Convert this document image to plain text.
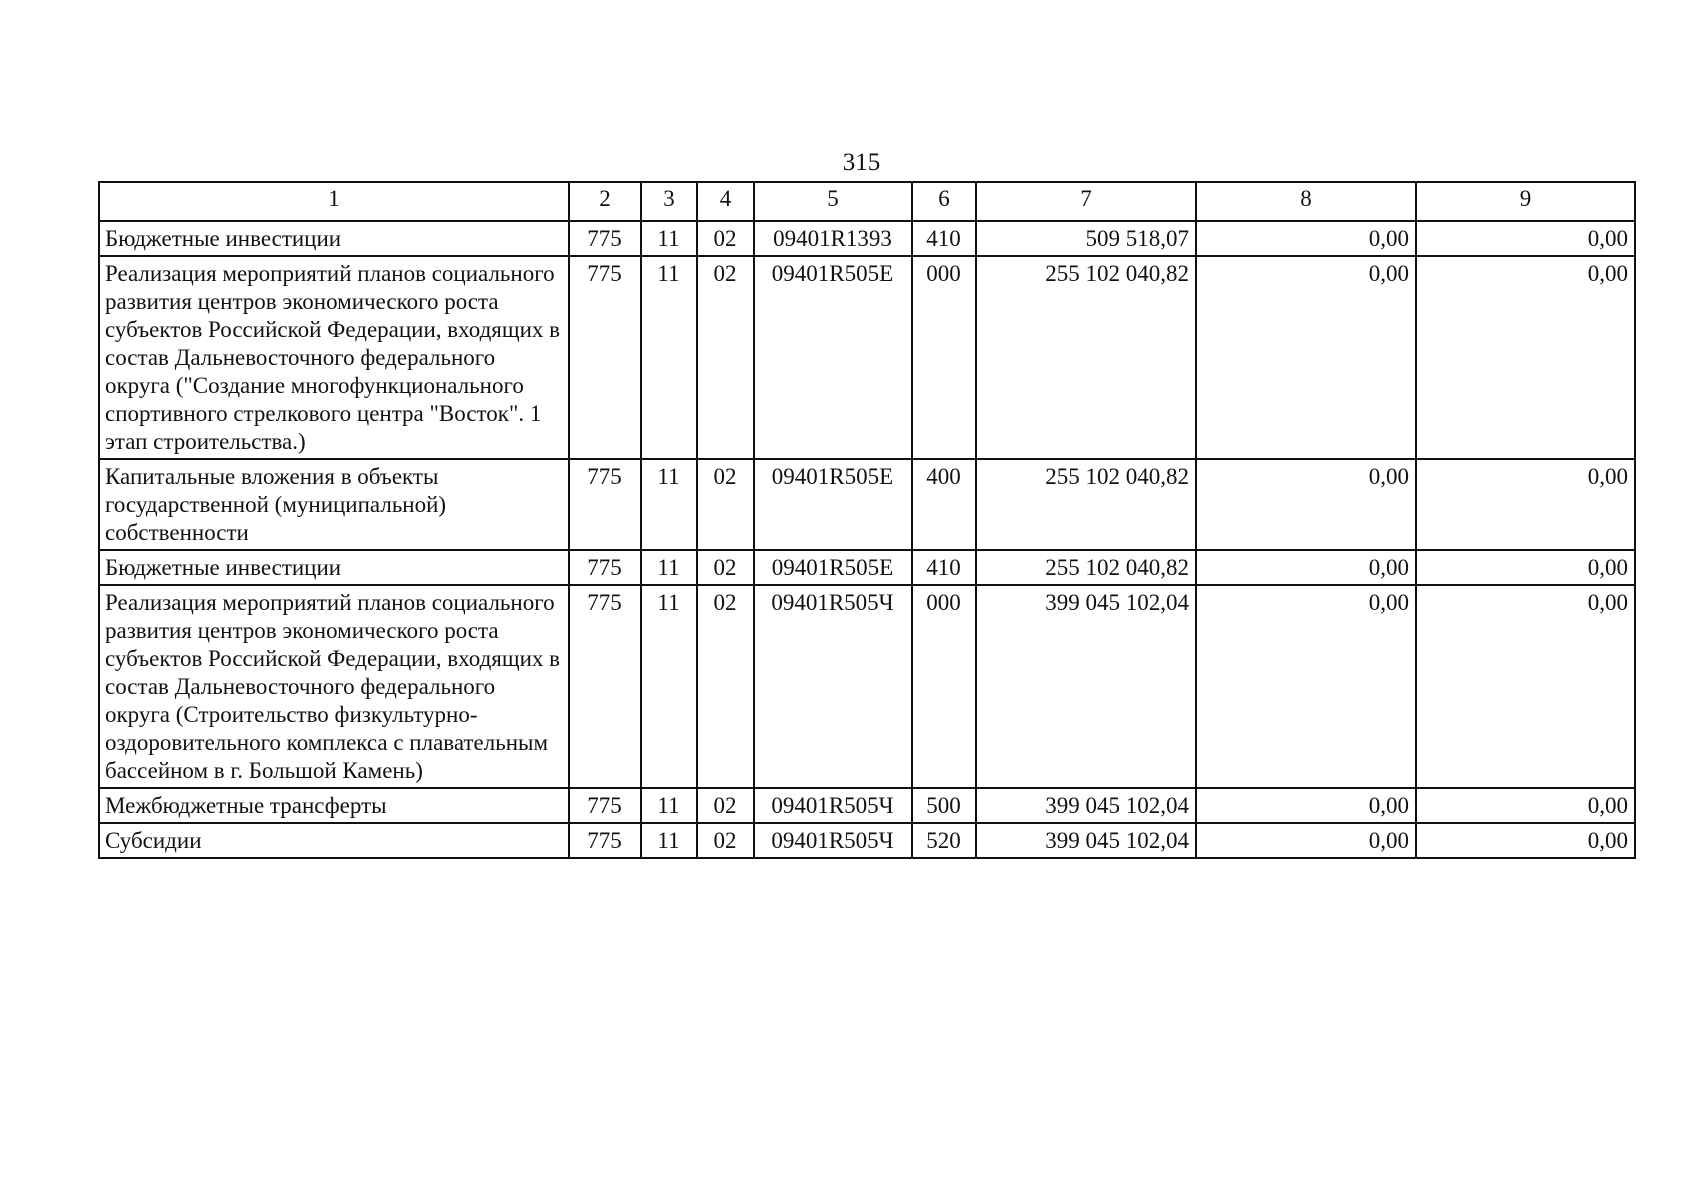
315
1	2	3	4	5	6	7	8	9
Бюджетные инвестиции	775	11	02	09401R1393	410	509 518,07	0,00	0,00
Реализация мероприятий планов социального развития центров экономического роста субъектов Российской Федерации, входящих в состав Дальневосточного федерального округа ("Создание многофункционального спортивного стрелкового центра "Восток". 1 этап строительства.)	775	11	02	09401R505Е	000	255 102 040,82	0,00	0,00
Капитальные вложения в объекты государственной (муниципальной) собственности	775	11	02	09401R505Е	400	255 102 040,82	0,00	0,00
Бюджетные инвестиции	775	11	02	09401R505Е	410	255 102 040,82	0,00	0,00
Реализация мероприятий планов социального развития центров экономического роста субъектов Российской Федерации, входящих в состав Дальневосточного федерального округа (Строительство физкультурно-оздоровительного комплекса с плавательным бассейном в г. Большой Камень)	775	11	02	09401R505Ч	000	399 045 102,04	0,00	0,00
Межбюджетные трансферты	775	11	02	09401R505Ч	500	399 045 102,04	0,00	0,00
Субсидии	775	11	02	09401R505Ч	520	399 045 102,04	0,00	0,00
